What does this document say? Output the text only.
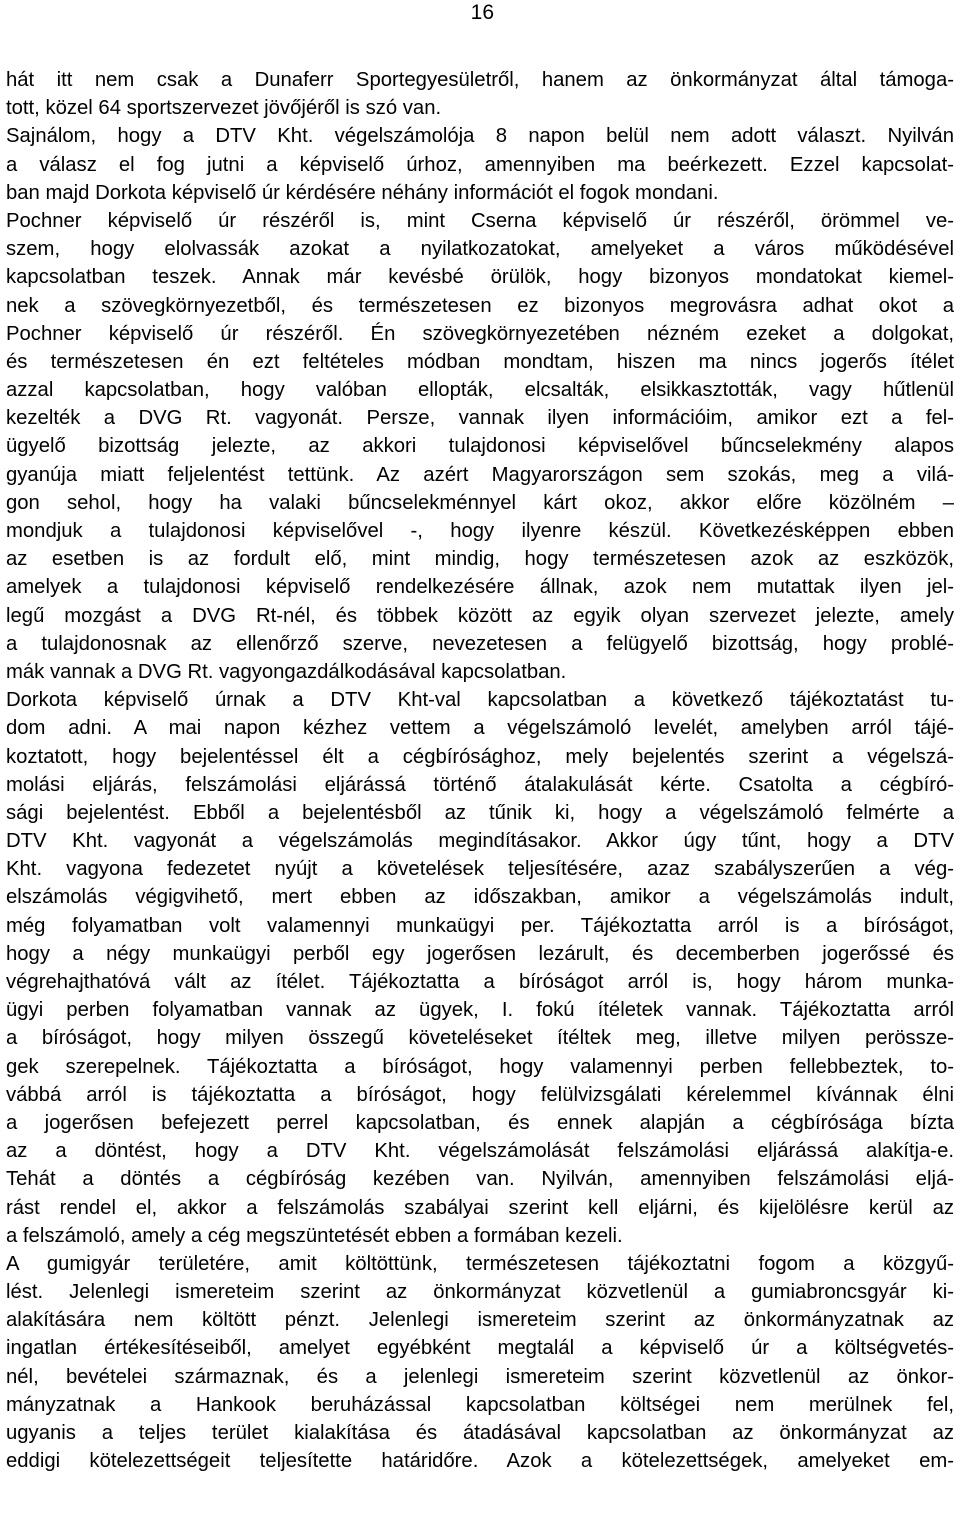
16
hát itt nem csak a Dunaferr Sportegyesületről, hanem az önkormányzat által támoga-
tott, közel 64 sportszervezet jövőjéről is szó van.
Sajnálom, hogy a DTV Kht. végelszámolója 8 napon belül nem adott választ. Nyilván
a válasz el fog jutni a képviselő úrhoz, amennyiben ma beérkezett. Ezzel kapcsolat-
ban majd Dorkota képviselő úr kérdésére néhány információt el fogok mondani.
Pochner képviselő úr részéről is, mint Cserna képviselő úr részéről, örömmel ve-
szem, hogy elolvassák azokat a nyilatkozatokat, amelyeket a város működésével
kapcsolatban teszek. Annak már kevésbé örülök, hogy bizonyos mondatokat kiemel-
nek a szövegkörnyezetből, és természetesen ez bizonyos megrovásra adhat okot a
Pochner képviselő úr részéről. Én szövegkörnyezetében nézném ezeket a dolgokat,
és természetesen én ezt feltételes módban mondtam, hiszen ma nincs jogerős ítélet
azzal kapcsolatban, hogy valóban ellopták, elcsalták, elsikkasztották, vagy hűtlenül
kezelték a DVG Rt. vagyonát. Persze, vannak ilyen információim, amikor ezt a fel-
ügyelő bizottság jelezte, az akkori tulajdonosi képviselővel bűncselekmény alapos
gyanúja miatt feljelentést tettünk. Az azért Magyarországon sem szokás, meg a vilá-
gon sehol, hogy ha valaki bűncselekménnyel kárt okoz, akkor előre közölném –
mondjuk a tulajdonosi képviselővel -, hogy ilyenre készül. Következésképpen ebben
az esetben is az fordult elő, mint mindig, hogy természetesen azok az eszközök,
amelyek a tulajdonosi képviselő rendelkezésére állnak, azok nem mutattak ilyen jel-
legű mozgást a DVG Rt-nél, és többek között az egyik olyan szervezet jelezte, amely
a tulajdonosnak az ellenőrző szerve, nevezetesen a felügyelő bizottság, hogy problé-
mák vannak a DVG Rt. vagyongazdálkodásával kapcsolatban.
Dorkota képviselő úrnak a DTV Kht-val kapcsolatban a következő tájékoztatást tu-
dom adni. A mai napon kézhez vettem a végelszámoló levelét, amelyben arról tájé-
koztatott, hogy bejelentéssel élt a cégbírósághoz, mely bejelentés szerint a végelszá-
molási eljárás, felszámolási eljárássá történő átalakulását kérte. Csatolta a cégbíró-
sági bejelentést. Ebből a bejelentésből az tűnik ki, hogy a végelszámoló felmérte a
DTV Kht. vagyonát a végelszámolás megindításakor. Akkor úgy tűnt, hogy a DTV
Kht. vagyona fedezetet nyújt a követelések teljesítésére, azaz szabályszerűen a vég-
elszámolás végigvihető, mert ebben az időszakban, amikor a végelszámolás indult,
még folyamatban volt valamennyi munkaügyi per. Tájékoztatta arról is a bíróságot,
hogy a négy munkaügyi perből egy jogerősen lezárult, és decemberben jogerőssé és
végrehajthatóvá vált az ítélet. Tájékoztatta a bíróságot arról is, hogy három munka-
ügyi perben folyamatban vannak az ügyek, I. fokú ítéletek vannak. Tájékoztatta arról
a bíróságot, hogy milyen összegű követeléseket ítéltek meg, illetve milyen perössze-
gek szerepelnek. Tájékoztatta a bíróságot, hogy valamennyi perben fellebbeztek, to-
vábbá arról is tájékoztatta a bíróságot, hogy felülvizsgálati kérelemmel kívánnak élni
a jogerősen befejezett perrel kapcsolatban, és ennek alapján a cégbírósága bízta
az a döntést, hogy a DTV Kht. végelszámolását felszámolási eljárássá alakítja-e.
Tehát a döntés a cégbíróság kezében van. Nyilván, amennyiben felszámolási eljá-
rást rendel el, akkor a felszámolás szabályai szerint kell eljárni, és kijelölésre kerül az
a felszámoló, amely a cég megszüntetését ebben a formában kezeli.
A gumigyár területére, amit költöttünk, természetesen tájékoztatni fogom a közgyű-
lést. Jelenlegi ismereteim szerint az önkormányzat közvetlenül a gumiabroncsgyár ki-
alakítására nem költött pénzt. Jelenlegi ismereteim szerint az önkormányzatnak az
ingatlan értékesítéseiből, amelyet egyébként megtalál a képviselő úr a költségvetés-
nél, bevételei származnak, és a jelenlegi ismereteim szerint közvetlenül az önkor-
mányzatnak a Hankook beruházással kapcsolatban költségei nem merülnek fel,
ugyanis a teljes terület kialakítása és átadásával kapcsolatban az önkormányzat az
eddigi kötelezettségeit teljesítette határidőre. Azok a kötelezettségek, amelyeket em-
